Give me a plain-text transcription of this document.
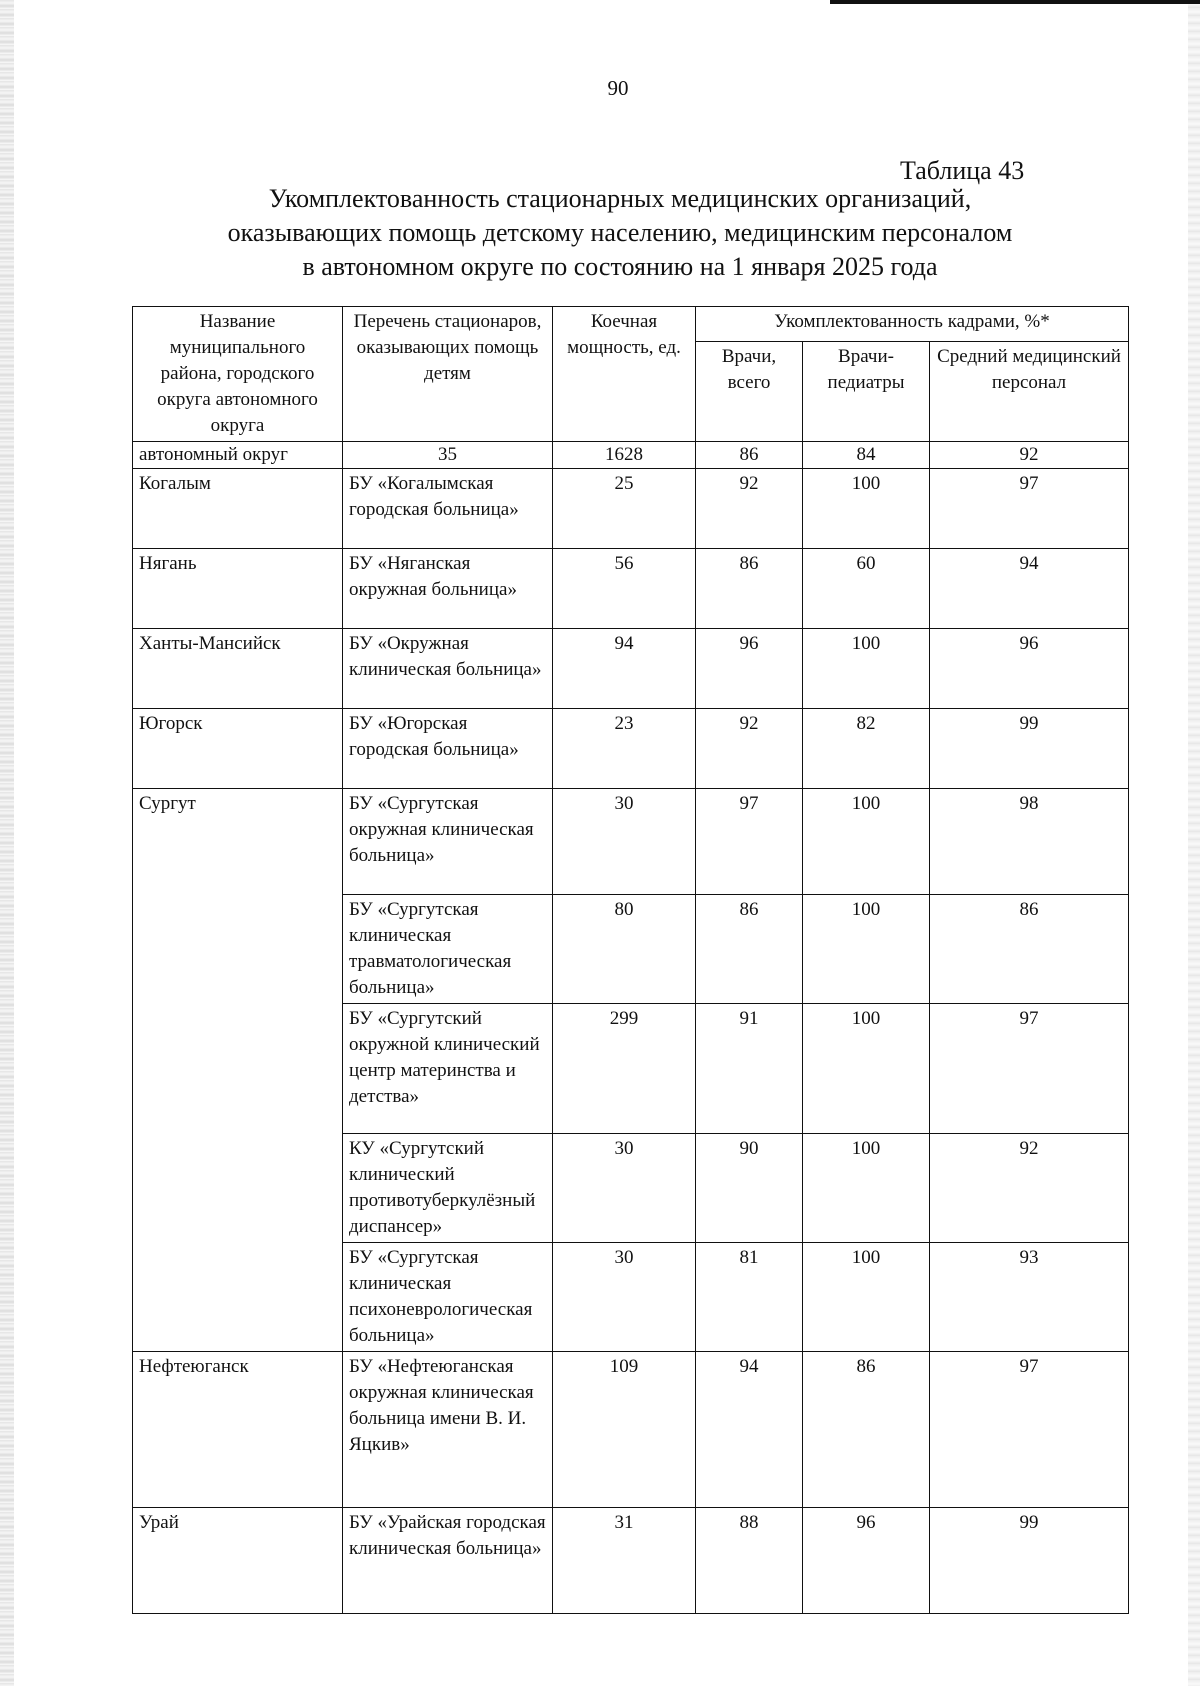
90
Таблица 43
Укомплектованность стационарных медицинских организаций,
оказывающих помощь детскому населению, медицинским персоналом
в автономном округе по состоянию на 1 января 2025 года
Название муниципального района, городского округа автономного округа	Перечень стационаров, оказывающих помощь детям	Коечная мощность, ед.	Укомплектованность кадрами, %*		
			Врачи, всего	Врачи-педиатры	Средний медицинский персонал
автономный округ	35	1628	86	84	92
Когалым	БУ «Когалымская городская больница»	25	92	100	97
Нягань	БУ «Няганская окружная больница»	56	86	60	94
Ханты-Мансийск	БУ «Окружная клиническая больница»	94	96	100	96
Югорск	БУ «Югорская городская больница»	23	92	82	99
Сургут	БУ «Сургутская окружная клиническая больница»	30	97	100	98
	БУ «Сургутская клиническая травматологическая больница»	80	86	100	86
	БУ «Сургутский окружной клинический центр материнства и детства»	299	91	100	97
	КУ «Сургутский клинический противотуберкулёзный диспансер»	30	90	100	92
	БУ «Сургутская клиническая психоневрологическая больница»	30	81	100	93
Нефтеюганск	БУ «Нефтеюганская окружная клиническая больница имени В. И. Яцкив»	109	94	86	97
Урай	БУ «Урайская городская клиническая больница»	31	88	96	99
